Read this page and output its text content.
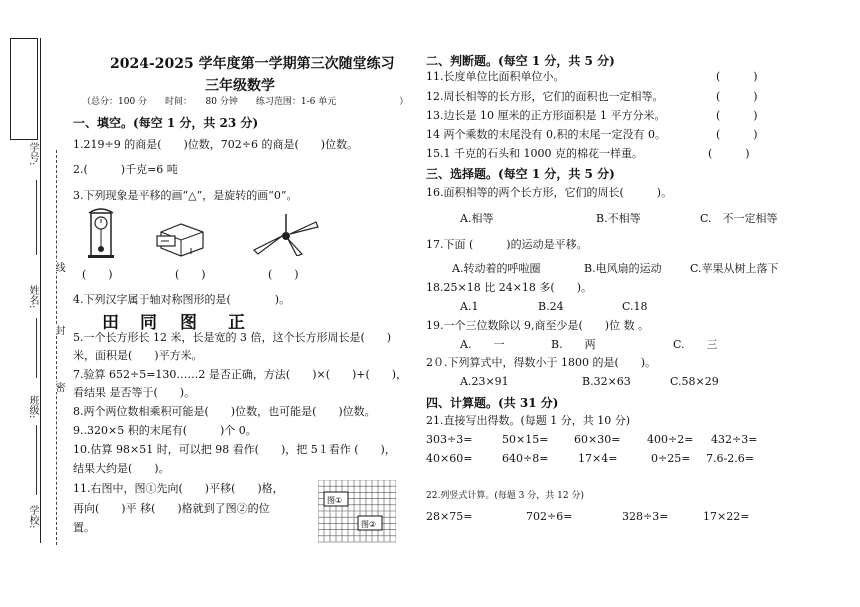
学号:
姓名:
班级:
学校:
线
封
密
2024-2025 学年度第一学期第三次随堂练习
三年级数学
（总分：100 分　　时间：　　80 分钟　　练习范围：1-6 单元　　　　　　　）
一、填空。(每空 1 分，共 23 分)
1.219÷9 的商是(　　)位数，702÷6 的商是(　　)位数。
2.(　　　)千克=6 吨
3.下列现象是平移的画“△”，是旋转的画“0”。
(　　)	(　　)	(　　)
4.下列汉字属于轴对称图形的是(　　　　)。
田 同 图 正
5.一个长方形长 12 米，长是宽的 3 倍，这个长方形周长是(　　)
米，面积是(　　)平方米。
7.验算 652÷5=130……2 是否正确，方法(　　)×(　　)+(　　)，
看结果 是否等于(　　)。
8.两个两位数相乘积可能是(　　)位数，也可能是(　　)位数。
9..320×5 积的末尾有(　　　)个 0。
10.估算 98×51 时，可以把 98 看作(　　)，把 5１看作 (　　)，
结果大约是(　　)。
11.右图中，图①先向(　　)平移(　　)格，
再向(　　)平 移(　　)格就到了图②的位
置。
图①
图②
二、判断题。(每空 1 分，共 5 分)
11.长度单位比面积单位小。	(　　　)
12.周长相等的长方形，它们的面积也一定相等。	(　　　)
13.边长是 10 厘米的正方形面积是 1 平方分米。	(　　　)
14 两个乘数的末尾没有 0,积的末尾一定没有 0。	(　　　)
15.1 千克的石头和 1000 克的棉花一样重。	(　　　)
三、选择题。(每空 1 分，共 5 分)
16.面积相等的两个长方形，它们的周长(　　　)。
A.相等	B.不相等	C.　不一定相等
17.下面 (　　　)的运动是平移。
A.转动着的呼啦圈	B.电风扇的运动	C.苹果从树上落下
18.25×18 比 24×18 多(　　)。
A.1	B.24	C.18
19.一个三位数除以 9,商至少是(　　)位 数 。
A.　　一	B.　　两	C.　　三
2０.下列算式中，得数小于 1800 的是(　　)。
A.23×91	B.32×63	C.58×29
四、计算题。(共 31 分)
21.直接写出得数。(每题 1 分，共 10 分)
303÷3=	50×15= 60×30= 400÷2= 432÷3=
40×60=	640÷8=	17×4=	0÷25= 7.6-2.6=
22.列竖式计算。(每题 3 分，共 12 分)
28×75=	702÷6=	328÷3=	17×22=
